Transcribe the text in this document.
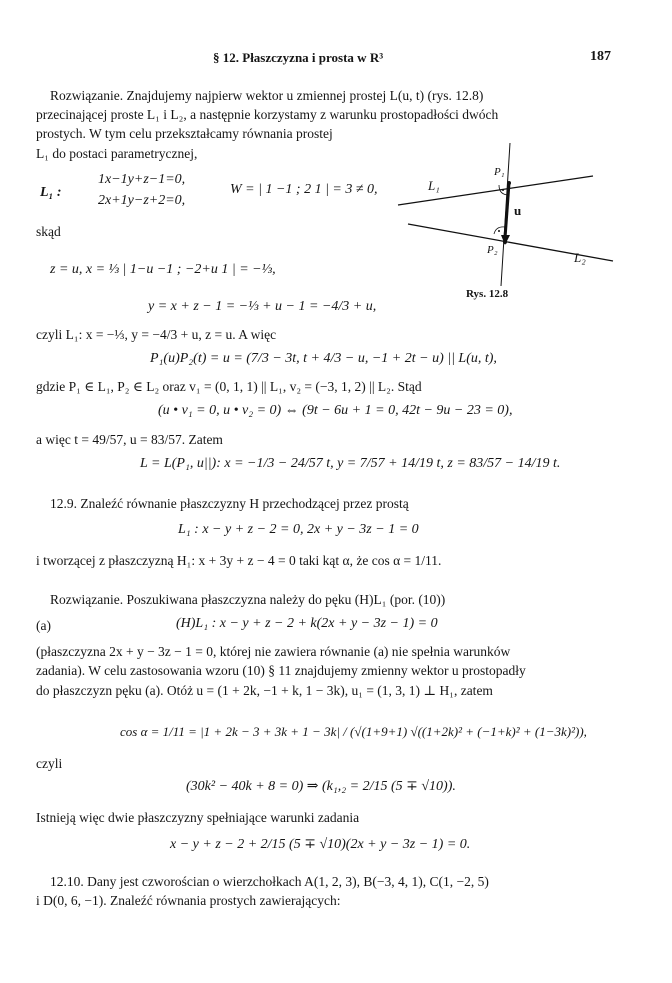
§ 12. Płaszczyzna i prosta w R³	187
Rozwiązanie. Znajdujemy najpierw wektor u zmiennej prostej L(u, t) (rys. 12.8)
przecinającej proste L₁ i L₂, a następnie korzystamy z warunku prostopadłości dwóch
prostych. W tym celu przekształcamy równania prostej
L₁ do postaci parametrycznej,
L₁ :
1x−1y+z−1=0,
2x+1y−z+2=0,
W = | 1 −1 ; 2 1 | = 3 ≠ 0,
skąd
z = u, x = ⅓ | 1−u −1 ; −2+u 1 | = −⅓,
y = x + z − 1 = −⅓ + u − 1 = −4/3 + u,
czyli L₁: x = −⅓, y = −4/3 + u, z = u. A więc
P₁(u)P₂(t) = u = (7/3 − 3t, t + 4/3 − u, −1 + 2t − u) || L(u, t),
gdzie P₁ ∈ L₁, P₂ ∈ L₂ oraz v₁ = (0, 1, 1) || L₁, v₂ = (−3, 1, 2) || L₂. Stąd
(u • v₁ = 0, u • v₂ = 0) ⇔ (9t − 6u + 1 = 0, 42t − 9u − 23 = 0),
a więc t = 49/57, u = 83/57. Zatem
L = L(P₁, u||): x = −1/3 − 24/57 t, y = 7/57 + 14/19 t, z = 83/57 − 14/19 t.
12.9. Znaleźć równanie płaszczyzny H przechodzącej przez prostą
L₁ : x − y + z − 2 = 0, 2x + y − 3z − 1 = 0
i tworzącej z płaszczyzną H₁: x + 3y + z − 4 = 0 taki kąt α, że cos α = 1/11.
Rozwiązanie. Poszukiwana płaszczyzna należy do pęku (H)L₁ (por. (10))
(a)	(H)L₁ : x − y + z − 2 + k(2x + y − 3z − 1) = 0
(płaszczyzna 2x + y − 3z − 1 = 0, której nie zawiera równanie (a) nie spełnia warunków
zadania). W celu zastosowania wzoru (10) § 11 znajdujemy zmienny wektor u prostopadły
do płaszczyzn pęku (a). Otóż u = (1 + 2k, −1 + k, 1 − 3k), u₁ = (1, 3, 1) ⊥ H₁, zatem
cos α = 1/11 = |1 + 2k − 3 + 3k + 1 − 3k| / (√(1+9+1) √((1+2k)² + (−1+k)² + (1−3k)²)),
czyli
(30k² − 40k + 8 = 0) ⇒ (k₁,₂ = 2/15 (5 ∓ √10)).
Istnieją więc dwie płaszczyzny spełniające warunki zadania
x − y + z − 2 + 2/15 (5 ∓ √10)(2x + y − 3z − 1) = 0.
12.10. Dany jest czworościan o wierzchołkach A(1, 2, 3), B(−3, 4, 1), C(1, −2, 5)
i D(0, 6, −1). Znaleźć równania prostych zawierających:
L₁
L₂
P₁
P₂
u
Rys. 12.8
